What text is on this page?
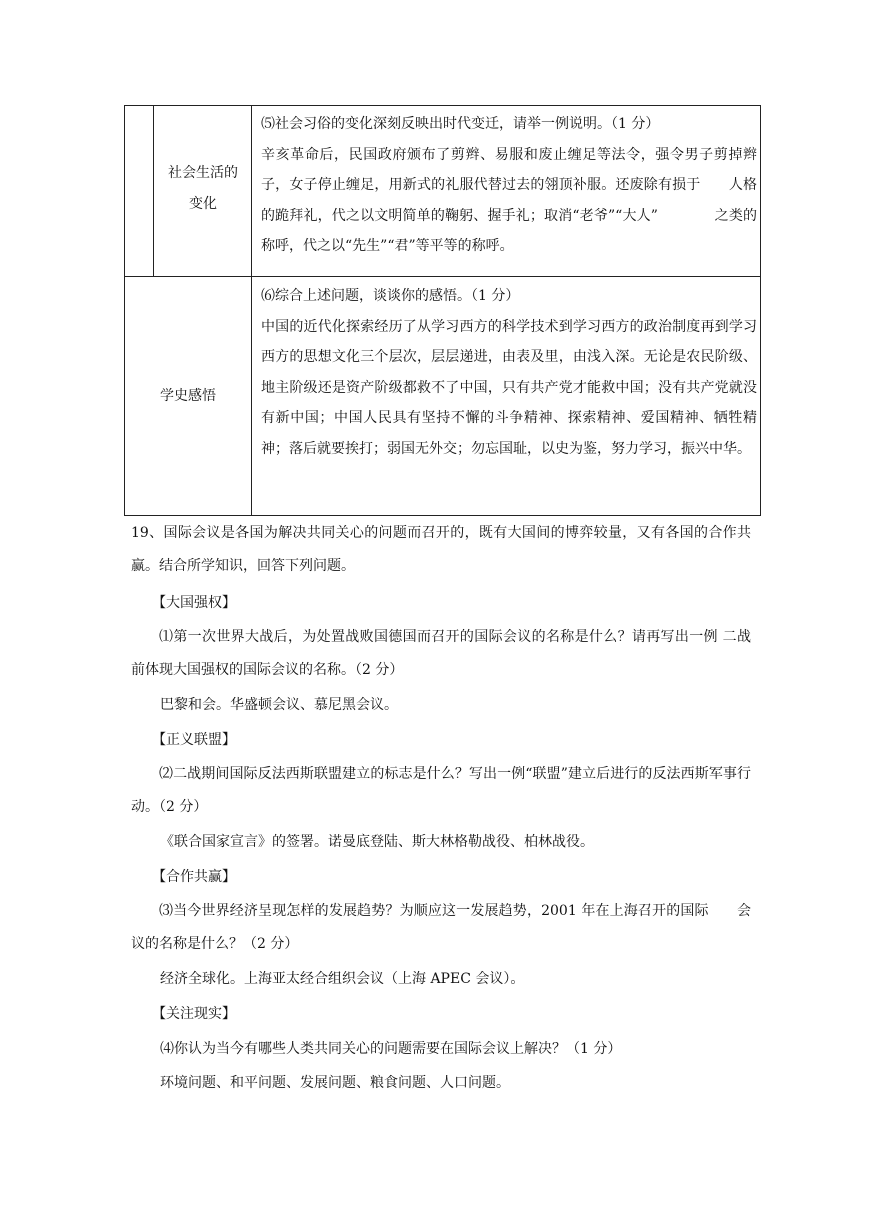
社会生活的
变化

⑸社会习俗的变化深刻反映出时代变迁，请举一例说明。（1 分）

辛亥革命后，民国政府颁布了剪辫、易服和废止缠足等法令，强令男子剪掉辫子，女子停止缠足，用新式的礼服代替过去的翎顶补服。还废除有损于　　人格的跪拜礼，代之以文明简单的鞠躬、握手礼；取消“老爷”“大人”　　　　之类的称呼，代之以“先生”“君”等平等的称呼。

学史感悟

⑹综合上述问题，谈谈你的感悟。（1 分）

中国的近代化探索经历了从学习西方的科学技术到学习西方的政治制度再到学习西方的思想文化三个层次，层层递进，由表及里，由浅入深。无论是农民阶级、地主阶级还是资产阶级都救不了中国，只有共产党才能救中国；没有共产党就没有新中国；中国人民具有坚持不懈的斗争精神、探索精神、爱国精神、牺牲精神；落后就要挨打；弱国无外交；勿忘国耻，以史为鉴，努力学习，振兴中华。

19、国际会议是各国为解决共同关心的问题而召开的，既有大国间的博弈较量，又有各国的合作共赢。结合所学知识，回答下列问题。

【大国强权】

⑴第一次世界大战后，为处置战败国德国而召开的国际会议的名称是什么？请再写出一例 二战前体现大国强权的国际会议的名称。（2 分）

巴黎和会。华盛顿会议、慕尼黑会议。
【正义联盟】

⑵二战期间国际反法西斯联盟建立的标志是什么？写出一例“联盟”建立后进行的反法西斯军事行动。（2 分）

《联合国家宣言》的签署。诺曼底登陆、斯大林格勒战役、柏林战役。
【合作共赢】

⑶当今世界经济呈现怎样的发展趋势？为顺应这一发展趋势，2001 年在上海召开的国际　　会议的名称是什么？（2 分）

经济全球化。上海亚太经合组织会议（上海 APEC 会议）。
【关注现实】
⑷你认为当今有哪些人类共同关心的问题需要在国际会议上解决？（1 分）
环境问题、和平问题、发展问题、粮食问题、人口问题。
